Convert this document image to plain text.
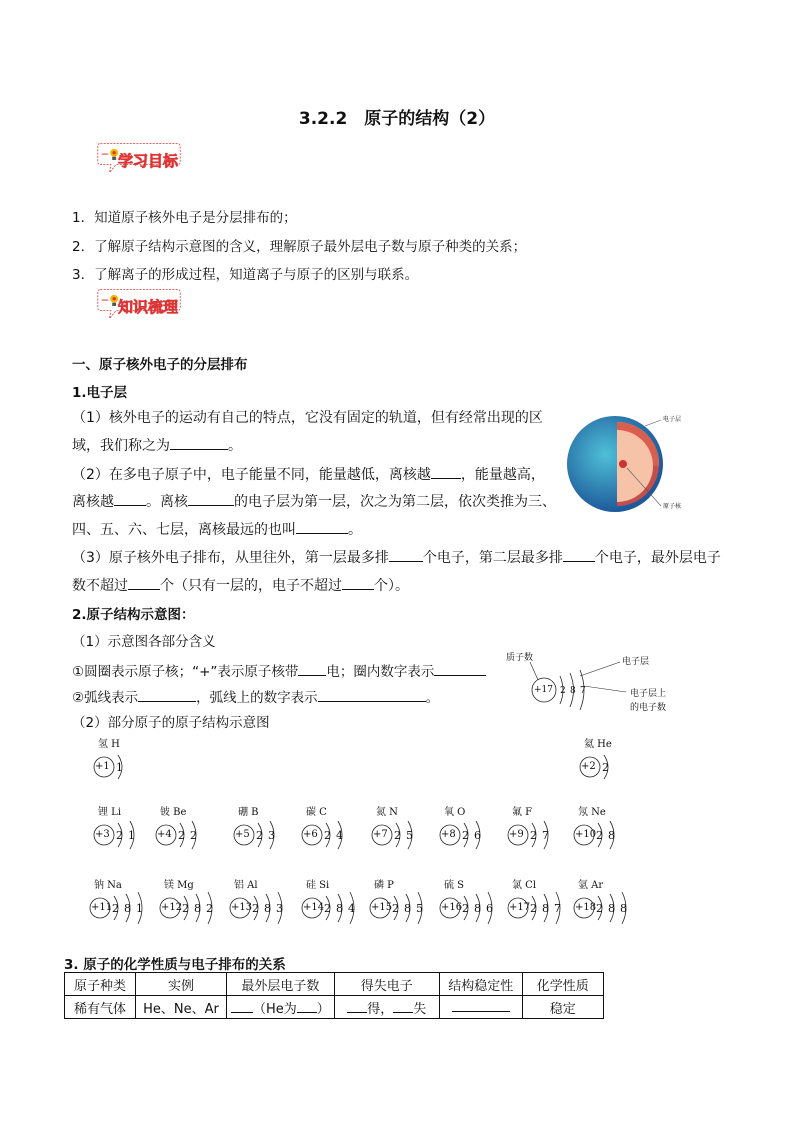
3.2.2　原子的结构（2）
学习目标
1．知道原子核外电子是分层排布的；
2．了解原子结构示意图的含义，理解原子最外层电子数与原子种类的关系；
3．了解离子的形成过程，知道离子与原子的区别与联系。
知识梳理
一、原子核外电子的分层排布
1.电子层
（1）核外电子的运动有自己的特点，它没有固定的轨道，但有经常出现的区
域，我们称之为	。
（2）在多电子原子中，电子能量不同，能量越低，离核越 ，能量越高，
离核越 。离核	的电子层为第一层，次之为第二层，依次类推为三、
四、五、六、七层，离核最远的也叫	。
（3）原子核外电子排布，从里往外，第一层最多排 个电子，第二层最多排 个电子，最外层电子
数不超过 个（只有一层的，电子不超过 个）。
电子层
原子核
2.原子结构示意图：
（1）示意图各部分含义
①圆圈表示原子核；“+”表示原子核带 电；圈内数字表示
②弧线表示	，弧线上的数字表示	。
质子数	电子层
电子层上
的电子数
+17 2 8 7
（2）部分原子的原子结构示意图
氢 H
+1 1
氦 He
+2 2
锂 Li
+3 2 1
铍 Be
+4 2 2
硼 B
+5 2 3
碳 C
+6 2 4
氮 N
+7 2 5
氧 O
+8 2 6
氟 F
+9 2 7
氖 Ne
+10 2 8
钠 Na
+11 2 8 1
镁 Mg
+12 2 8 2
铝 Al
+13 2 8 3
硅 Si
+14 2 8 4
磷 P
+15 2 8 5
硫 S
+16 2 8 6
氯 Cl
+17 2 8 7
氩 Ar
+18 2 8 8
3. 原子的化学性质与电子排布的关系
原子种类	实例	最外层电子数	得失电子	结构稳定性	化学性质
稀有气体	He、Ne、Ar	（He为 ）	得， 失		稳定
